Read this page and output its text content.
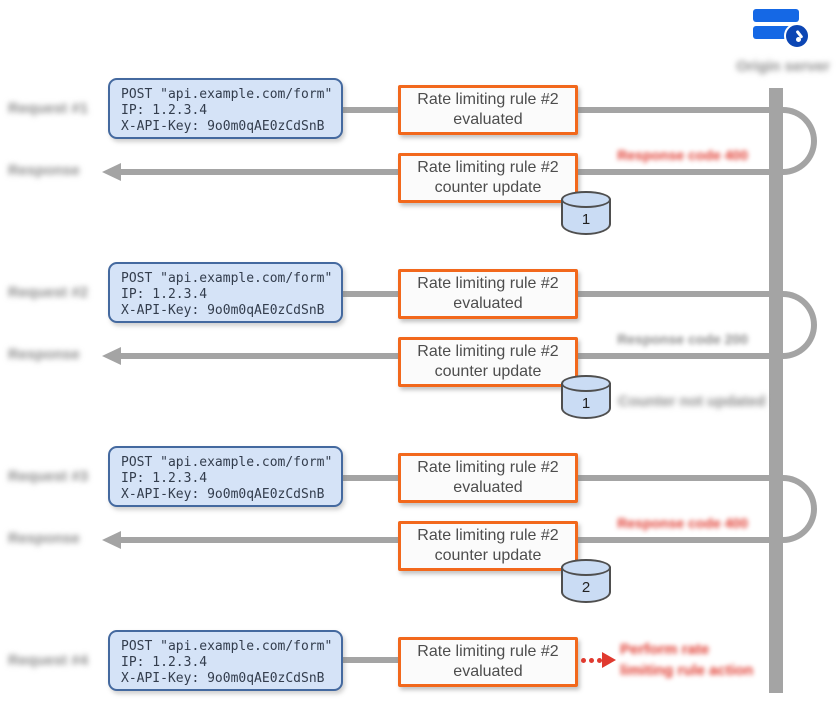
Origin server
Request #1
POST "api.example.com/form"
IP: 1.2.3.4
X-API-Key: 9o0m0qAE0zCdSnB
Rate limiting rule #2
evaluated
Response
Response code 400
Rate limiting rule #2
counter update
1
Request #2
POST "api.example.com/form"
IP: 1.2.3.4
X-API-Key: 9o0m0qAE0zCdSnB
Rate limiting rule #2
evaluated
Response
Response code 200
Rate limiting rule #2
counter update
1	Counter not updated
Request #3
POST "api.example.com/form"
IP: 1.2.3.4
X-API-Key: 9o0m0qAE0zCdSnB
Rate limiting rule #2
evaluated
Response
Response code 400
Rate limiting rule #2
counter update
2
Request #4
POST "api.example.com/form"
IP: 1.2.3.4
X-API-Key: 9o0m0qAE0zCdSnB
Rate limiting rule #2
evaluated
Perform rate
limiting rule action
